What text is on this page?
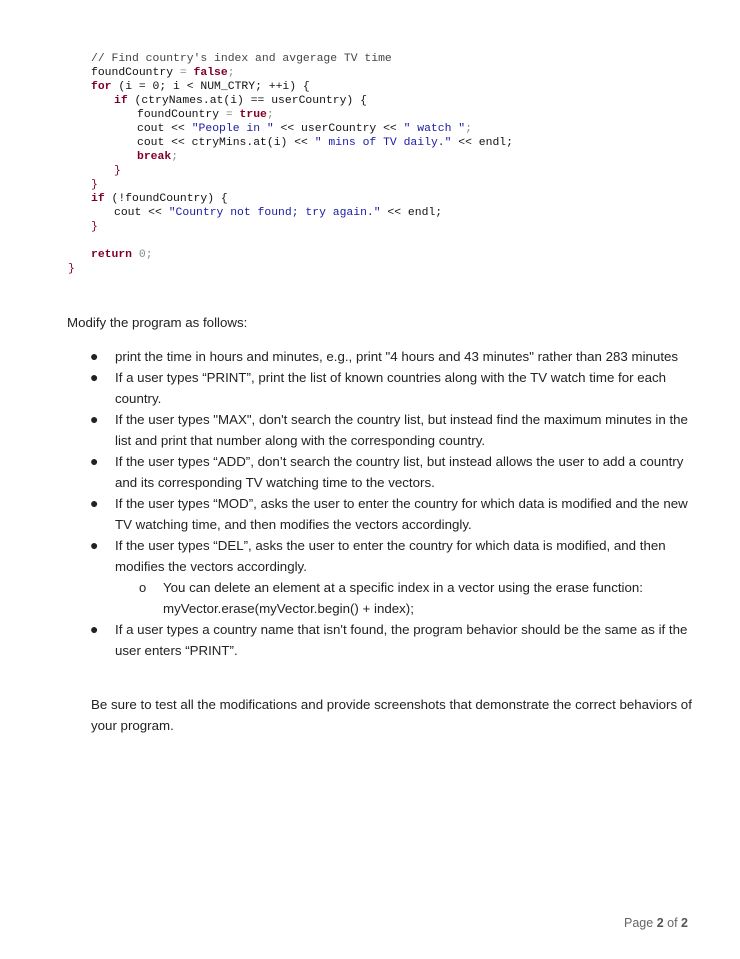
// Find country's index and avgerage TV time
foundCountry = false;
for (i = 0; i < NUM_CTRY; ++i) {
if (ctryNames.at(i) == userCountry) {
foundCountry = true;
cout << "People in " << userCountry << " watch ";
cout << ctryMins.at(i) << " mins of TV daily." << endl;
break;
}
}
if (!foundCountry) {
cout << "Country not found; try again." << endl;
}
return 0;
}
Modify the program as follows:
● print the time in hours and minutes, e.g., print "4 hours and 43 minutes" rather than 283 minutes
● If a user types “PRINT”, print the list of known countries along with the TV watch time for each country.
● If the user types "MAX", don't search the country list, but instead find the maximum minutes in the list and print that number along with the corresponding country.
● If the user types “ADD”, don’t search the country list, but instead allows the user to add a country and its corresponding TV watching time to the vectors.
● If the user types “MOD”, asks the user to enter the country for which data is modified and the new TV watching time, and then modifies the vectors accordingly.
● If the user types “DEL”, asks the user to enter the country for which data is modified, and then modifies the vectors accordingly.
o You can delete an element at a specific index in a vector using the erase function:
myVector.erase(myVector.begin() + index);
● If a user types a country name that isn't found, the program behavior should be the same as if the user enters “PRINT”.
Be sure to test all the modifications and provide screenshots that demonstrate the correct behaviors of your program.
Page 2 of 2
